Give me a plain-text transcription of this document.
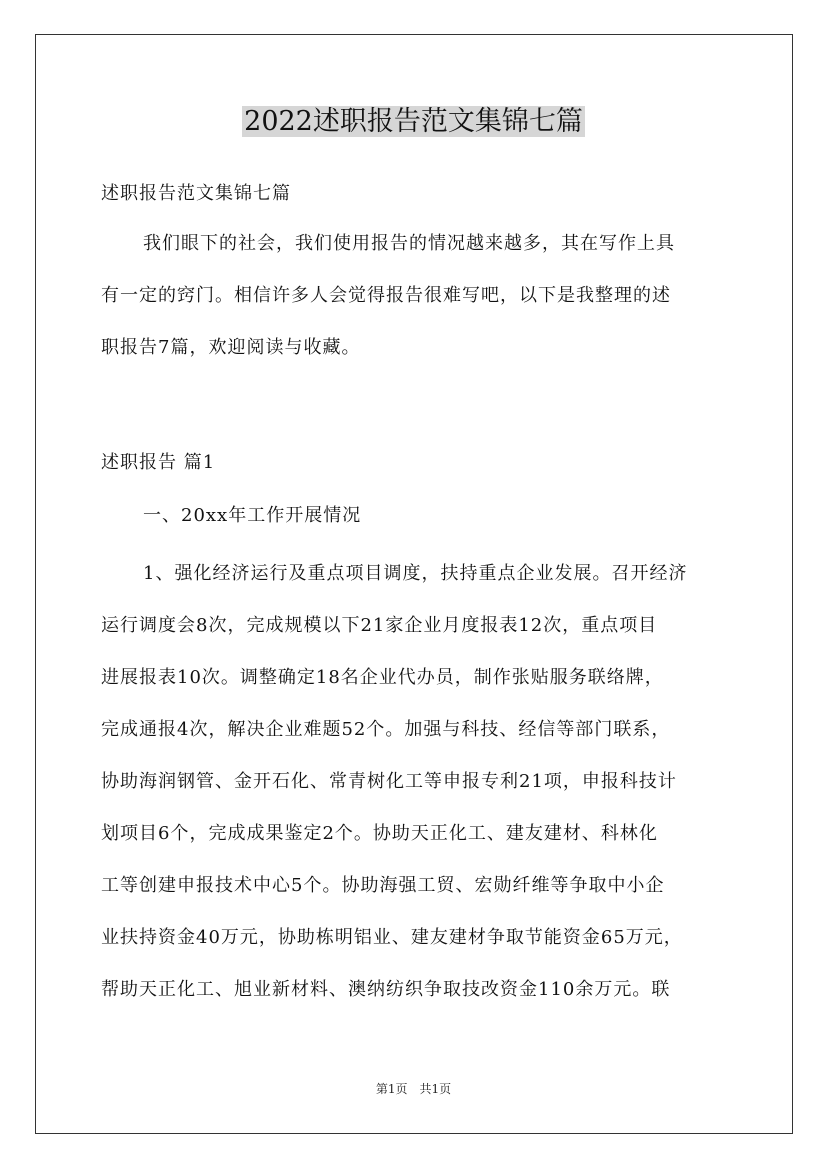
2022述职报告范文集锦七篇

述职报告范文集锦七篇

我们眼下的社会，我们使用报告的情况越来越多，其在写作上具
有一定的窍门。相信许多人会觉得报告很难写吧，以下是我整理的述
职报告7篇，欢迎阅读与收藏。

述职报告 篇1

一、20xx年工作开展情况

1、强化经济运行及重点项目调度，扶持重点企业发展。召开经济
运行调度会8次，完成规模以下21家企业月度报表12次，重点项目
进展报表10次。调整确定18名企业代办员，制作张贴服务联络牌，
完成通报4次，解决企业难题52个。加强与科技、经信等部门联系，
协助海润钢管、金开石化、常青树化工等申报专利21项，申报科技计
划项目6个，完成成果鉴定2个。协助天正化工、建友建材、科林化
工等创建申报技术中心5个。协助海强工贸、宏勋纤维等争取中小企
业扶持资金40万元，协助栋明铝业、建友建材争取节能资金65万元，
帮助天正化工、旭业新材料、澳纳纺织争取技改资金110余万元。联
第1页　共1页
